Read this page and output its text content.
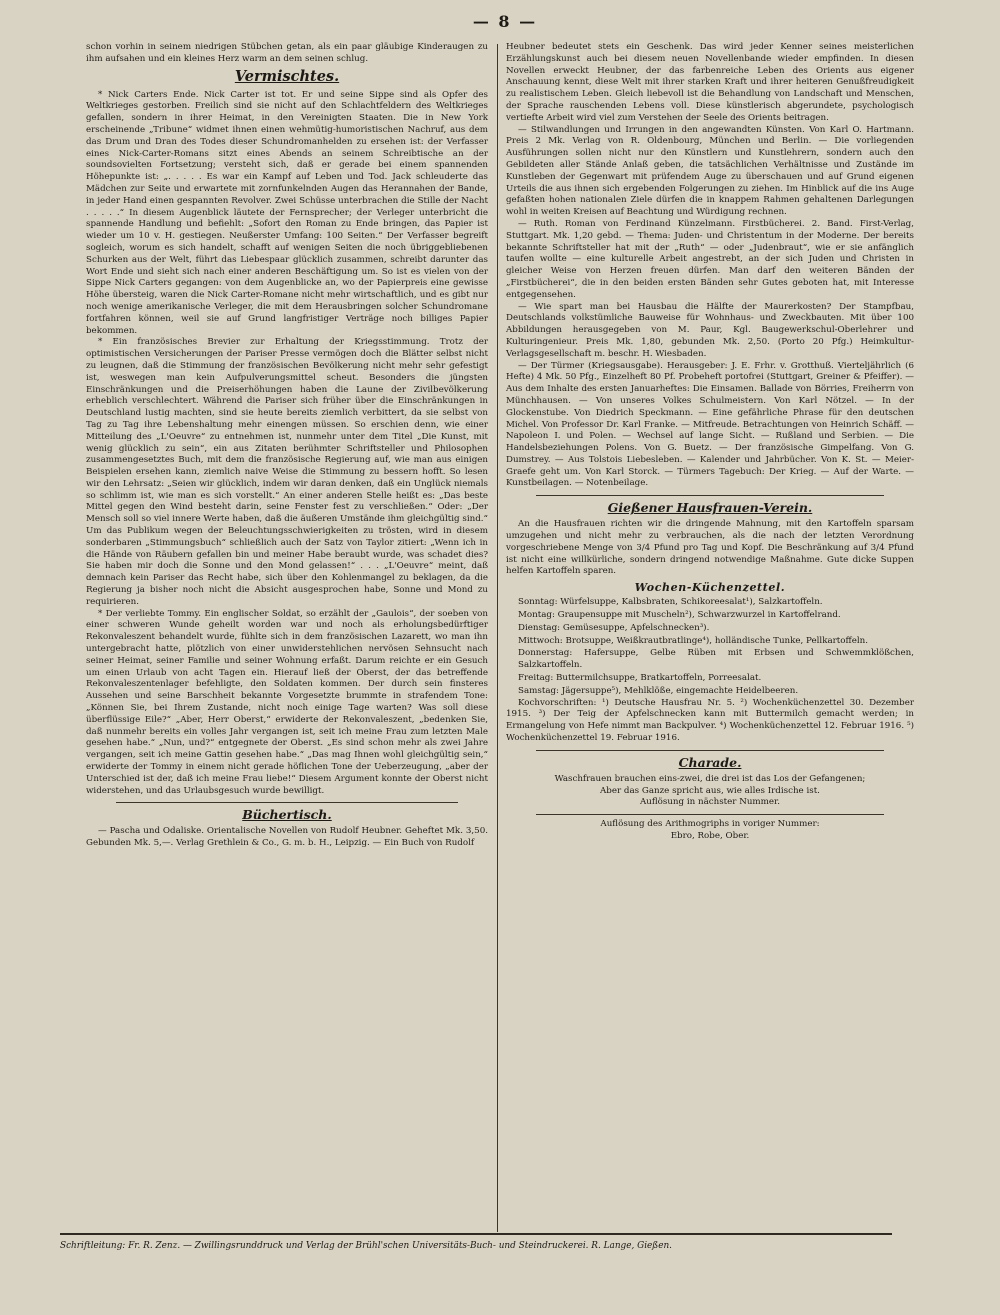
— 8 —

schon vorhin in seinem niedrigen Stübchen getan, als ein paar gläubige Kinderaugen zu ihm aufsahen und ein kleines Herz warm an dem seinen schlug.

Vermischtes.

* Nick Carters Ende. Nick Carter ist tot. Er und seine Sippe sind als Opfer des Weltkrieges gestorben. Freilich sind sie nicht auf den Schlachtfeldern des Weltkrieges gefallen, sondern in ihrer Heimat, in den Vereinigten Staaten. Die in New York erscheinende „Tribune“ widmet ihnen einen wehmütig-humoristischen Nachruf, aus dem das Drum und Dran des Todes dieser Schundromanhelden zu ersehen ist: der Verfasser eines Nick-Carter-Romans sitzt eines Abends an seinem Schreibtische an der soundsovielten Fortsetzung; versteht sich, daß er gerade bei einem spannenden Höhepunkte ist: „. . . . . Es war ein Kampf auf Leben und Tod. Jack schleuderte das Mädchen zur Seite und erwartete mit zornfunkelnden Augen das Herannahen der Bande, in jeder Hand einen gespannten Revolver. Zwei Schüsse unterbrachen die Stille der Nacht . . . . .“ In diesem Augenblick läutete der Fernsprecher; der Verleger unterbricht die spannende Handlung und befiehlt: „Sofort den Roman zu Ende bringen, das Papier ist wieder um 10 v. H. gestiegen. Neußerster Umfang: 100 Seiten.“ Der Verfasser begreift sogleich, worum es sich handelt, schafft auf wenigen Seiten die noch übriggebliebenen Schurken aus der Welt, führt das Liebespaar glücklich zusammen, schreibt darunter das Wort Ende und sieht sich nach einer anderen Beschäftigung um. So ist es vielen von der Sippe Nick Carters gegangen: von dem Augenblicke an, wo der Papierpreis eine gewisse Höhe übersteig, waren die Nick Carter-Romane nicht mehr wirtschaftlich, und es gibt nur noch wenige amerikanische Verleger, die mit dem Herausbringen solcher Schundromane fortfahren können, weil sie auf Grund langfristiger Verträge noch billiges Papier bekommen.

* Ein französisches Brevier zur Erhaltung der Kriegsstimmung. Trotz der optimistischen Versicherungen der Pariser Presse vermögen doch die Blätter selbst nicht zu leugnen, daß die Stimmung der französischen Bevölkerung nicht mehr sehr gefestigt ist, weswegen man kein Aufpulverungsmittel scheut. Besonders die jüngsten Einschränkungen und die Preiserhöhungen haben die Laune der Zivilbevölkerung erheblich verschlechtert. Während die Pariser sich früher über die Einschränkungen in Deutschland lustig machten, sind sie heute bereits ziemlich verbittert, da sie selbst von Tag zu Tag ihre Lebenshaltung mehr einengen müssen. So erschien denn, wie einer Mitteilung des „L'Oeuvre“ zu entnehmen ist, nunmehr unter dem Titel „Die Kunst, mit wenig glücklich zu sein“, ein aus Zitaten berühmter Schriftsteller und Philosophen zusammengesetztes Buch, mit dem die französische Regierung auf, wie man aus einigen Beispielen ersehen kann, ziemlich naive Weise die Stimmung zu bessern hofft. So lesen wir den Lehrsatz: „Seien wir glücklich, indem wir daran denken, daß ein Unglück niemals so schlimm ist, wie man es sich vorstellt.“ An einer anderen Stelle heißt es: „Das beste Mittel gegen den Wind besteht darin, seine Fenster fest zu verschließen.“ Oder: „Der Mensch soll so viel innere Werte haben, daß die äußeren Umstände ihm gleichgültig sind.“ Um das Publikum wegen der Beleuchtungsschwierigkeiten zu trösten, wird in diesem sonderbaren „Stimmungsbuch“ schließlich auch der Satz von Taylor zitiert: „Wenn ich in die Hände von Räubern gefallen bin und meiner Habe beraubt wurde, was schadet dies? Sie haben mir doch die Sonne und den Mond gelassen!“ . . . „L'Oeuvre“ meint, daß demnach kein Pariser das Recht habe, sich über den Kohlenmangel zu beklagen, da die Regierung ja bisher noch nicht die Absicht ausgesprochen habe, Sonne und Mond zu requirieren.

* Der verliebte Tommy. Ein englischer Soldat, so erzählt der „Gaulois“, der soeben von einer schweren Wunde geheilt worden war und noch als erholungsbedürftiger Rekonvaleszent behandelt wurde, fühlte sich in dem französischen Lazarett, wo man ihn untergebracht hatte, plötzlich von einer unwiderstehlichen nervösen Sehnsucht nach seiner Heimat, seiner Familie und seiner Wohnung erfaßt. Darum reichte er ein Gesuch um einen Urlaub von acht Tagen ein. Hierauf ließ der Oberst, der das betreffende Rekonvaleszentenlager befehligte, den Soldaten kommen. Der durch sein finsteres Aussehen und seine Barschheit bekannte Vorgesetzte brummte in strafendem Tone: „Können Sie, bei Ihrem Zustande, nicht noch einige Tage warten? Was soll diese überflüssige Eile?“ „Aber, Herr Oberst,“ erwiderte der Rekonvaleszent, „bedenken Sie, daß nunmehr bereits ein volles Jahr vergangen ist, seit ich meine Frau zum letzten Male gesehen habe.“ „Nun, und?“ entgegnete der Oberst. „Es sind schon mehr als zwei Jahre vergangen, seit ich meine Gattin gesehen habe.“ „Das mag Ihnen wohl gleichgültig sein,“ erwiderte der Tommy in einem nicht gerade höflichen Tone der Ueberzeugung, „aber der Unterschied ist der, daß ich meine Frau liebe!“ Diesem Argument konnte der Oberst nicht widerstehen, und das Urlaubsgesuch wurde bewilligt.

Büchertisch.

— Pascha und Odaliske. Orientalische Novellen von Rudolf Heubner. Geheftet Mk. 3,50. Gebunden Mk. 5,—. Verlag Grethlein & Co., G. m. b. H., Leipzig. — Ein Buch von Rudolf

Heubner bedeutet stets ein Geschenk. Das wird jeder Kenner seines meisterlichen Erzählungskunst auch bei diesem neuen Novellenbande wieder empfinden. In diesen Novellen erweckt Heubner, der das farbenreiche Leben des Orients aus eigener Anschauung kennt, diese Welt mit ihrer starken Kraft und ihrer heiteren Genußfreudigkeit zu realistischem Leben. Gleich liebevoll ist die Behandlung von Landschaft und Menschen, der Sprache rauschenden Lebens voll. Diese künstlerisch abgerundete, psychologisch vertiefte Arbeit wird viel zum Verstehen der Seele des Orients beitragen.

— Stilwandlungen und Irrungen in den angewandten Künsten. Von Karl O. Hartmann. Preis 2 Mk. Verlag von R. Oldenbourg, München und Berlin. — Die vorliegenden Ausführungen sollen nicht nur den Künstlern und Kunstlehrern, sondern auch den Gebildeten aller Stände Anlaß geben, die tatsächlichen Verhältnisse und Zustände im Kunstleben der Gegenwart mit prüfendem Auge zu überschauen und auf Grund eigenen Urteils die aus ihnen sich ergebenden Folgerungen zu ziehen. Im Hinblick auf die ins Auge gefaßten hohen nationalen Ziele dürfen die in knappem Rahmen gehaltenen Darlegungen wohl in weiten Kreisen auf Beachtung und Würdigung rechnen.

— Ruth. Roman von Ferdinand Künzelmann. Firstbücherei. 2. Band. First-Verlag, Stuttgart. Mk. 1,20 gebd. — Thema: Juden- und Christentum in der Moderne. Der bereits bekannte Schriftsteller hat mit der „Ruth“ — oder „Judenbraut“, wie er sie anfänglich taufen wollte — eine kulturelle Arbeit angestrebt, an der sich Juden und Christen in gleicher Weise von Herzen freuen dürfen. Man darf den weiteren Bänden der „Firstbücherei“, die in den beiden ersten Bänden sehr Gutes geboten hat, mit Interesse entgegensehen.

— Wie spart man bei Hausbau die Hälfte der Maurerkosten? Der Stampfbau, Deutschlands volkstümliche Bauweise für Wohnhaus- und Zweckbauten. Mit über 100 Abbildungen herausgegeben von M. Paur, Kgl. Baugewerkschul-Oberlehrer und Kulturingenieur. Preis Mk. 1,80, gebunden Mk. 2,50. (Porto 20 Pfg.) Heimkultur-Verlagsgesellschaft m. beschr. H. Wiesbaden.

— Der Türmer (Kriegsausgabe). Herausgeber: J. E. Frhr. v. Grotthuß. Vierteljährlich (6 Hefte) 4 Mk. 50 Pfg., Einzelheft 80 Pf. Probeheft portofrei (Stuttgart, Greiner & Pfeiffer). — Aus dem Inhalte des ersten Januarheftes: Die Einsamen. Ballade von Börries, Freiherrn von Münchhausen. — Von unseres Volkes Schulmeistern. Von Karl Nötzel. — In der Glockenstube. Von Diedrich Speckmann. — Eine gefährliche Phrase für den deutschen Michel. Von Professor Dr. Karl Franke. — Mitfreude. Betrachtungen von Heinrich Schäff. — Napoleon I. und Polen. — Wechsel auf lange Sicht. — Rußland und Serbien. — Die Handelsbeziehungen Polens. Von G. Buetz. — Der französische Gimpelfang. Von G. Dumstrey. — Aus Tolstois Liebesleben. — Kalender und Jahrbücher. Von K. St. — Meier-Graefe geht um. Von Karl Storck. — Türmers Tagebuch: Der Krieg. — Auf der Warte. — Kunstbeilagen. — Notenbeilage.

Gießener Hausfrauen-Verein.

An die Hausfrauen richten wir die dringende Mahnung, mit den Kartoffeln sparsam umzugehen und nicht mehr zu verbrauchen, als die nach der letzten Verordnung vorgeschriebene Menge von 3/4 Pfund pro Tag und Kopf. Die Beschränkung auf 3/4 Pfund ist nicht eine willkürliche, sondern dringend notwendige Maßnahme. Gute dicke Suppen helfen Kartoffeln sparen.

Wochen-Küchenzettel.

Sonntag: Würfelsuppe, Kalbsbraten, Schikoreesalat¹), Salzkartoffeln.

Montag: Graupensuppe mit Muscheln²), Schwarzwurzel in Kartoffelrand.

Dienstag: Gemüsesuppe, Apfelschnecken³).

Mittwoch: Brotsuppe, Weißkrautbratlinge⁴), holländische Tunke, Pellkartoffeln.

Donnerstag: Hafersuppe, Gelbe Rüben mit Erbsen und Schwemmklößchen, Salzkartoffeln.

Freitag: Buttermilchsuppe, Bratkartoffeln, Porreesalat.

Samstag: Jägersuppe⁵), Mehlklöße, eingemachte Heidelbeeren.

Kochvorschriften: ¹) Deutsche Hausfrau Nr. 5. ²) Wochenküchenzettel 30. Dezember 1915. ³) Der Teig der Apfelschnecken kann mit Buttermilch gemacht werden; in Ermangelung von Hefe nimmt man Backpulver. ⁴) Wochenküchenzettel 12. Februar 1916. ⁵) Wochenküchenzettel 19. Februar 1916.

Charade.

Waschfrauen brauchen eins-zwei, die drei ist das Los der Gefangenen;

Aber das Ganze spricht aus, wie alles Irdische ist.

Auflösung in nächster Nummer.

Auflösung des Arithmogriphs in voriger Nummer:

Ebro, Robe, Ober.

Schriftleitung: Fr. R. Zenz. — Zwillingsrunddruck und Verlag der Brühl'schen Universitäts-Buch- und Steindruckerei. R. Lange, Gießen.
